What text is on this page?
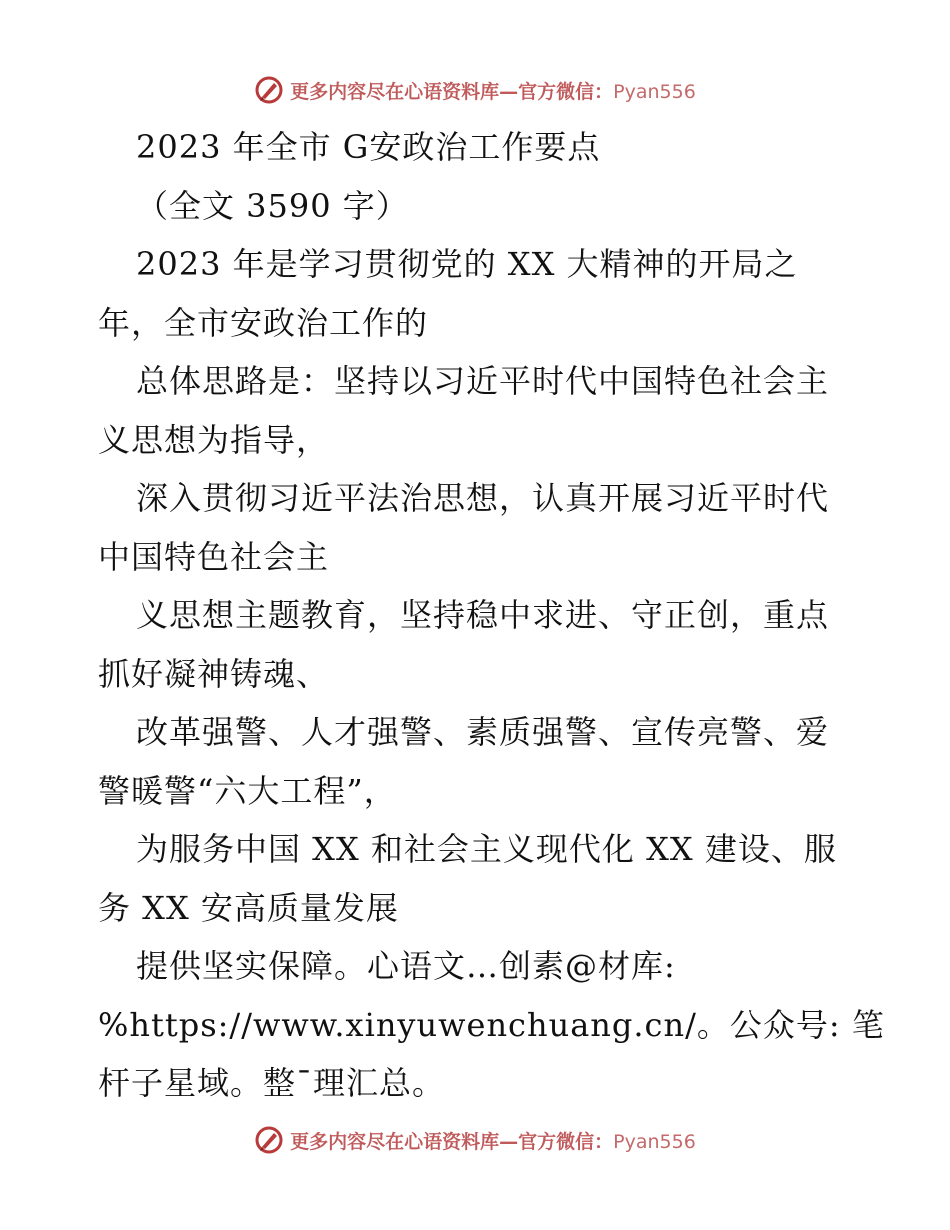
更多内容尽在心语资料库—官方微信：Pyan556
2023 年全市 G安政治工作要点
（全文 3590 字）
2023 年是学习贯彻党的 XX 大精神的开局之
年，全市安政治工作的
总体思路是：坚持以习近平时代中国特色社会主
义思想为指导，
深入贯彻习近平法治思想，认真开展习近平时代
中国特色社会主
义思想主题教育，坚持稳中求进、守正创，重点
抓好凝神铸魂、
改革强警、人才强警、素质强警、宣传亮警、爱
警暖警“六大工程”，
为服务中国 XX 和社会主义现代化 XX 建设、服
务 XX 安高质量发展
提供坚实保障。心语文…创素@材库:
%https://www.xinyuwenchuang.cn/。公众号: 笔
杆子星域。整¯理汇总。
更多内容尽在心语资料库—官方微信：Pyan556
